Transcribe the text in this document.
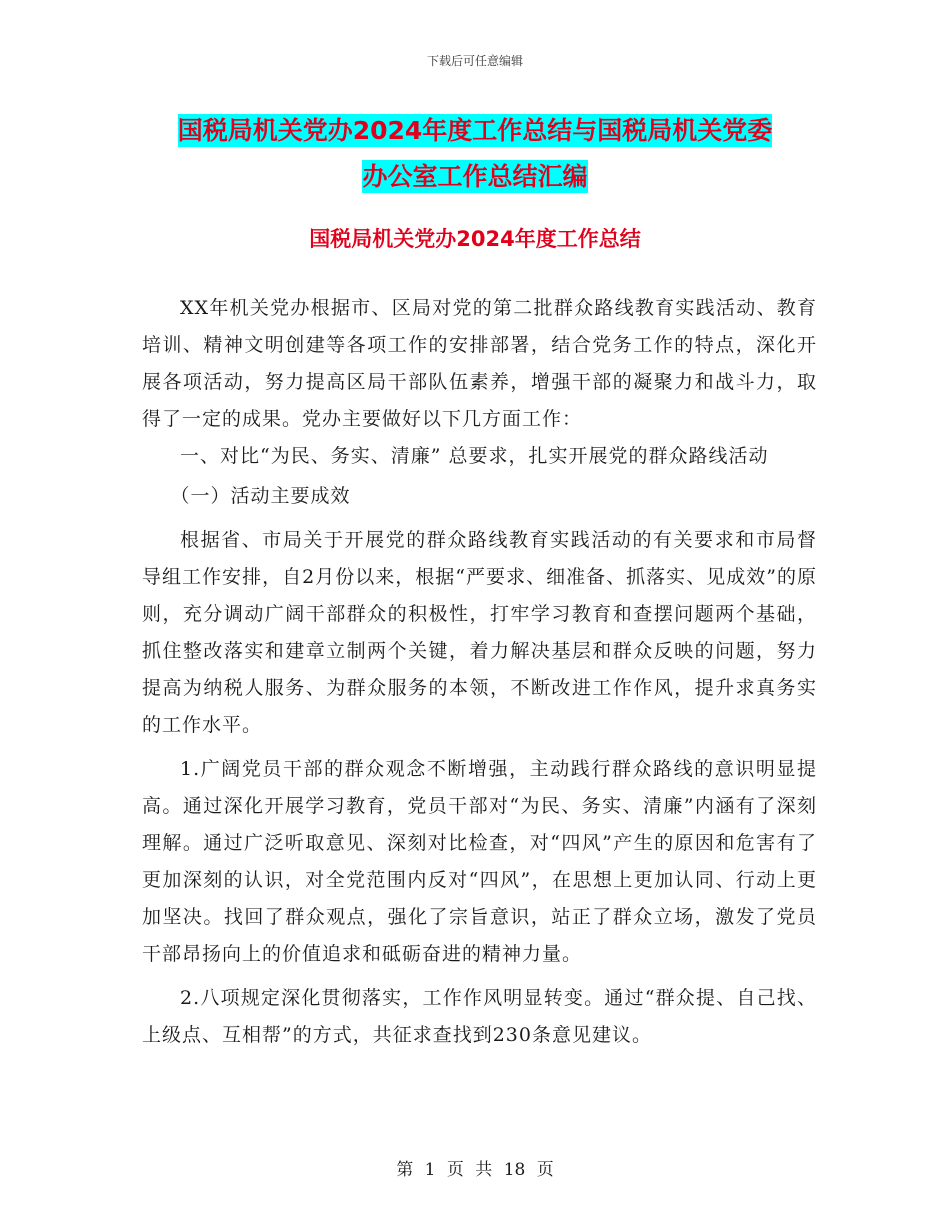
下载后可任意编辑
国税局机关党办2024年度工作总结与国税局机关党委
办公室工作总结汇编
国税局机关党办2024年度工作总结

XX年机关党办根据市、区局对党的第二批群众路线教育实践活动、教育培训、精神文明创建等各项工作的安排部署，结合党务工作的特点，深化开展各项活动，努力提高区局干部队伍素养，增强干部的凝聚力和战斗力，取得了一定的成果。党办主要做好以下几方面工作：

一、对比“为民、务实、清廉” 总要求，扎实开展党的群众路线活动

（一）活动主要成效

根据省、市局关于开展党的群众路线教育实践活动的有关要求和市局督导组工作安排，自2月份以来，根据“严要求、细准备、抓落实、见成效”的原则，充分调动广阔干部群众的积极性，打牢学习教育和查摆问题两个基础，抓住整改落实和建章立制两个关键，着力解决基层和群众反映的问题，努力提高为纳税人服务、为群众服务的本领，不断改进工作作风，提升求真务实的工作水平。

1.广阔党员干部的群众观念不断增强，主动践行群众路线的意识明显提高。通过深化开展学习教育，党员干部对“为民、务实、清廉”内涵有了深刻理解。通过广泛听取意见、深刻对比检查，对“四风”产生的原因和危害有了更加深刻的认识，对全党范围内反对“四风”，在思想上更加认同、行动上更加坚决。找回了群众观点，强化了宗旨意识，站正了群众立场，激发了党员干部昂扬向上的价值追求和砥砺奋进的精神力量。

2.八项规定深化贯彻落实，工作作风明显转变。通过“群众提、自己找、上级点、互相帮”的方式，共征求查找到230条意见建议。

第 1 页 共 18 页
